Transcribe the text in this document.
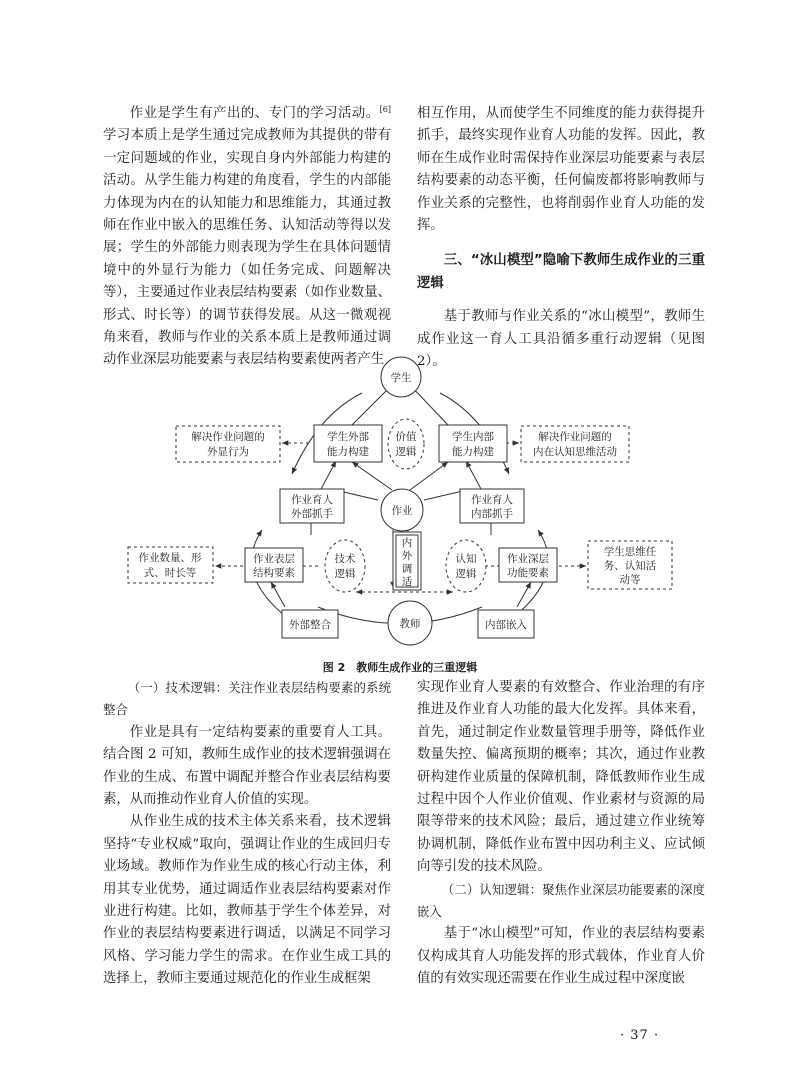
作业是学生有产出的、专门的学习活动。[6]学习本质上是学生通过完成教师为其提供的带有一定问题域的作业，实现自身内外部能力构建的活动。从学生能力构建的角度看，学生的内部能力体现为内在的认知能力和思维能力，其通过教师在作业中嵌入的思维任务、认知活动等得以发展；学生的外部能力则表现为学生在具体问题情境中的外显行为能力（如任务完成、问题解决等），主要通过作业表层结构要素（如作业数量、形式、时长等）的调节获得发展。从这一微观视角来看，教师与作业的关系本质上是教师通过调动作业深层功能要素与表层结构要素使两者产生

相互作用，从而使学生不同维度的能力获得提升抓手，最终实现作业育人功能的发挥。因此，教师在生成作业时需保持作业深层功能要素与表层结构要素的动态平衡，任何偏废都将影响教师与作业关系的完整性，也将削弱作业育人功能的发挥。

三、“冰山模型”隐喻下教师生成作业的三重逻辑

基于教师与作业关系的“冰山模型”，教师生成作业这一育人工具沿循多重行动逻辑（见图 2）。

学生
作业
教师
价值
逻辑
技术
逻辑
认知
逻辑
内
外
调
适
学生外部
能力构建
学生内部
能力构建
作业育人
外部抓手
作业育人
内部抓手
作业表层
结构要素
作业深层
功能要素
外部整合	内部嵌入
解决作业问题的
外显行为
解决作业问题的
内在认知思维活动
作业数量、形
式、时长等
学生思维任
务、认知活
动等
图 2　教师生成作业的三重逻辑

（一）技术逻辑：关注作业表层结构要素的系统整合

作业是具有一定结构要素的重要育人工具。结合图 2 可知，教师生成作业的技术逻辑强调在作业的生成、布置中调配并整合作业表层结构要素，从而推动作业育人价值的实现。

从作业生成的技术主体关系来看，技术逻辑坚持“专业权威”取向，强调让作业的生成回归专业场域。教师作为作业生成的核心行动主体，利用其专业优势，通过调适作业表层结构要素对作业进行构建。比如，教师基于学生个体差异，对作业的表层结构要素进行调适，以满足不同学习风格、学习能力学生的需求。在作业生成工具的选择上，教师主要通过规范化的作业生成框架

实现作业育人要素的有效整合、作业治理的有序推进及作业育人功能的最大化发挥。具体来看，首先，通过制定作业数量管理手册等，降低作业数量失控、偏离预期的概率；其次，通过作业教研构建作业质量的保障机制，降低教师作业生成过程中因个人作业价值观、作业素材与资源的局限等带来的技术风险；最后，通过建立作业统筹协调机制，降低作业布置中因功利主义、应试倾向等引发的技术风险。

（二）认知逻辑：聚焦作业深层功能要素的深度嵌入

基于“冰山模型”可知，作业的表层结构要素仅构成其育人功能发挥的形式载体，作业育人价值的有效实现还需要在作业生成过程中深度嵌

· 37 ·
